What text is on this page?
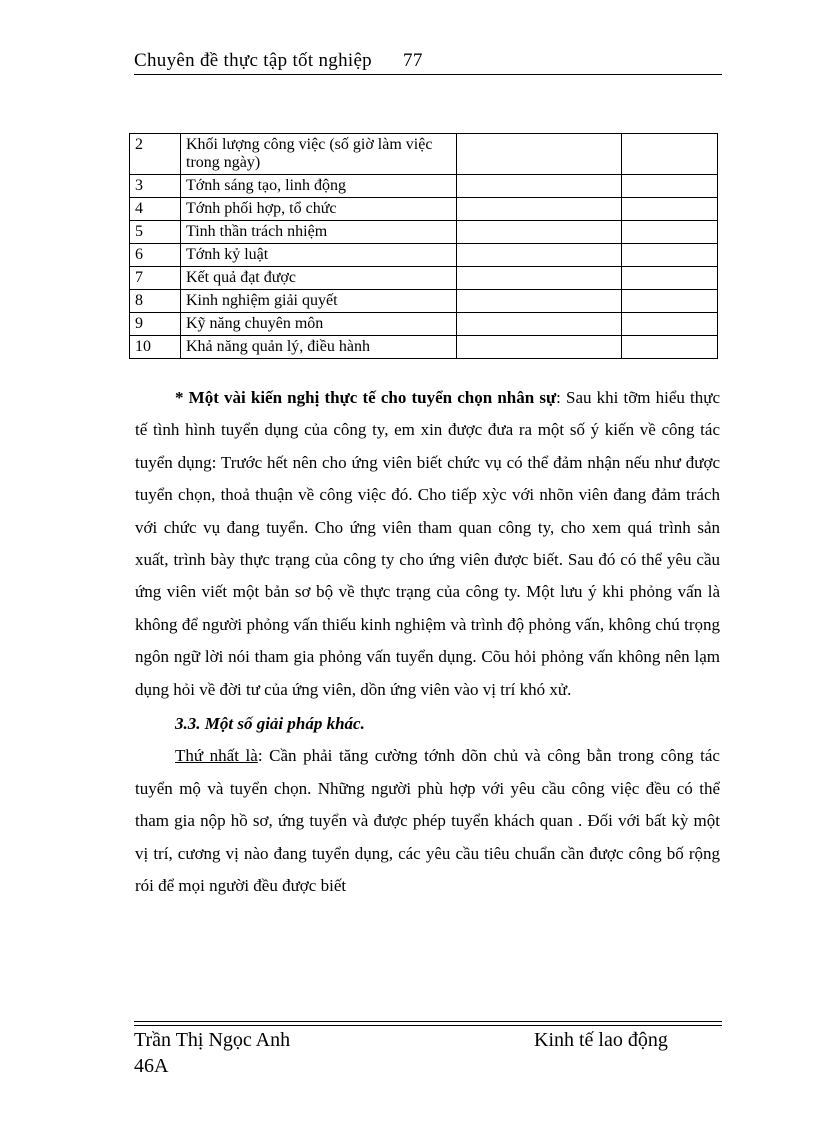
Chuyên đề thực tập tốt nghiệp 77
2	Khối lượng công việc (số giờ làm việc trong ngày)		
3	Tớnh sáng tạo, linh động		
4	Tớnh phối hợp, tổ chức		
5	Tinh thần trách nhiệm		
6	Tớnh kỷ luật		
7	Kết quả đạt được		
8	Kinh nghiệm giải quyết		
9	Kỹ năng chuyên môn		
10	Khả năng quản lý, điều hành		

* Một vài kiến nghị thực tế cho tuyển chọn nhân sự: Sau khi tỡm hiểu thực tế tình hình tuyển dụng của công ty, em xin được đưa ra một số ý kiến về công tác tuyển dụng: Trước hết nên cho ứng viên biết chức vụ có thể đảm nhận nếu như được tuyển chọn, thoả thuận về công việc đó. Cho tiếp xỳc với nhõn viên đang đảm trách với chức vụ đang tuyển. Cho ứng viên tham quan công ty, cho xem quá trình sản xuất, trình bày thực trạng của công ty cho ứng viên được biết. Sau đó có thể yêu cầu ứng viên viết một bản sơ bộ về thực trạng của công ty. Một lưu ý khi phỏng vấn là không để người phỏng vấn thiếu kinh nghiệm và trình độ phỏng vấn, không chú trọng ngôn ngữ lời nói tham gia phỏng vấn tuyển dụng. Cõu hỏi phỏng vấn không nên lạm dụng hỏi về đời tư của ứng viên, dồn ứng viên vào vị trí khó xử.

3.3. Một số giải pháp khác.

Thứ nhất là: Cần phải tăng cường tớnh dõn chủ và công bằn trong công tác tuyển mộ và tuyển chọn. Những người phù hợp với yêu cầu công việc đều có thể tham gia nộp hồ sơ, ứng tuyển và được phép tuyển khách quan . Đối với bất kỳ một vị trí, cương vị nào đang tuyển dụng, các yêu cầu tiêu chuẩn cần được công bố rộng rói để mọi người đều được biết

Trần Thị Ngọc Anh	Kinh tế lao động
46A
